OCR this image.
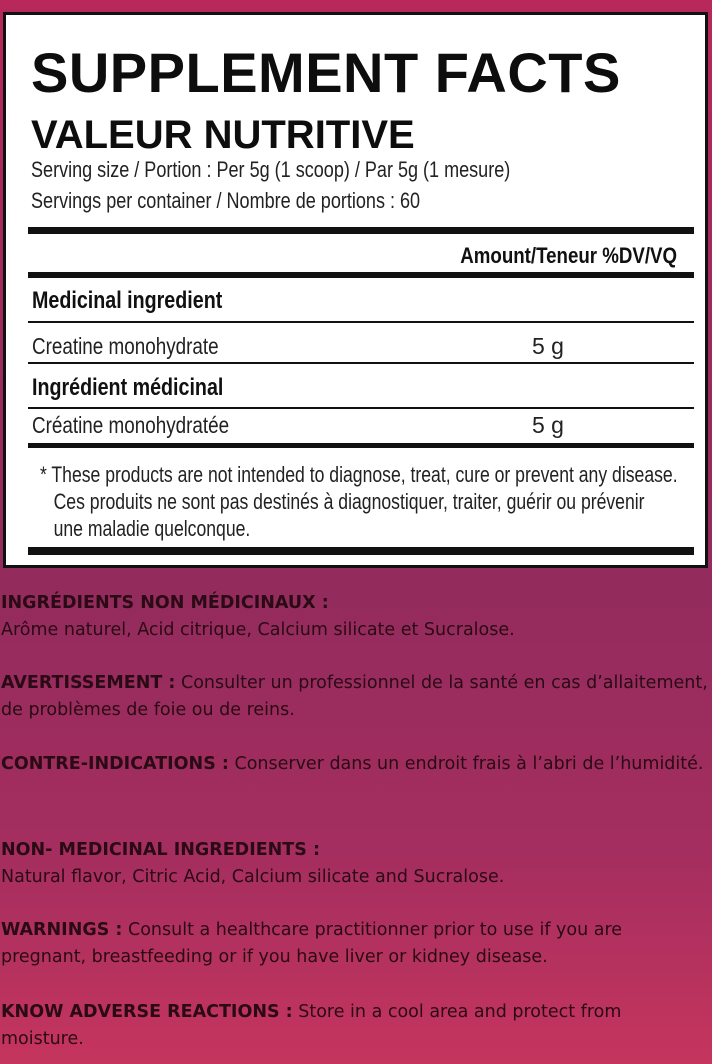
SUPPLEMENT FACTS
VALEUR NUTRITIVE
Serving size / Portion : Per 5g (1 scoop) / Par 5g (1 mesure)
Servings per container / Nombre de portions : 60
Amount/Teneur %DV/VQ
Medicinal ingredient
Creatine monohydrate	5 g
Ingrédient médicinal
Créatine monohydratée	5 g
* These products are not intended to diagnose, treat, cure or prevent any disease.
Ces produits ne sont pas destinés à diagnostiquer, traiter, guérir ou prévenir
une maladie quelconque.
INGRÉDIENTS NON MÉDICINAUX :
Arôme naturel, Acid citrique, Calcium silicate et Sucralose.
AVERTISSEMENT : Consulter un professionnel de la santé en cas d’allaitement, de problèmes de foie ou de reins.
CONTRE-INDICATIONS : Conserver dans un endroit frais à l’abri de l’humidité.
NON- MEDICINAL INGREDIENTS :
Natural flavor, Citric Acid, Calcium silicate and Sucralose.
WARNINGS : Consult a healthcare practitionner prior to use if you are pregnant, breastfeeding or if you have liver or kidney disease.
KNOW ADVERSE REACTIONS : Store in a cool area and protect from moisture.
